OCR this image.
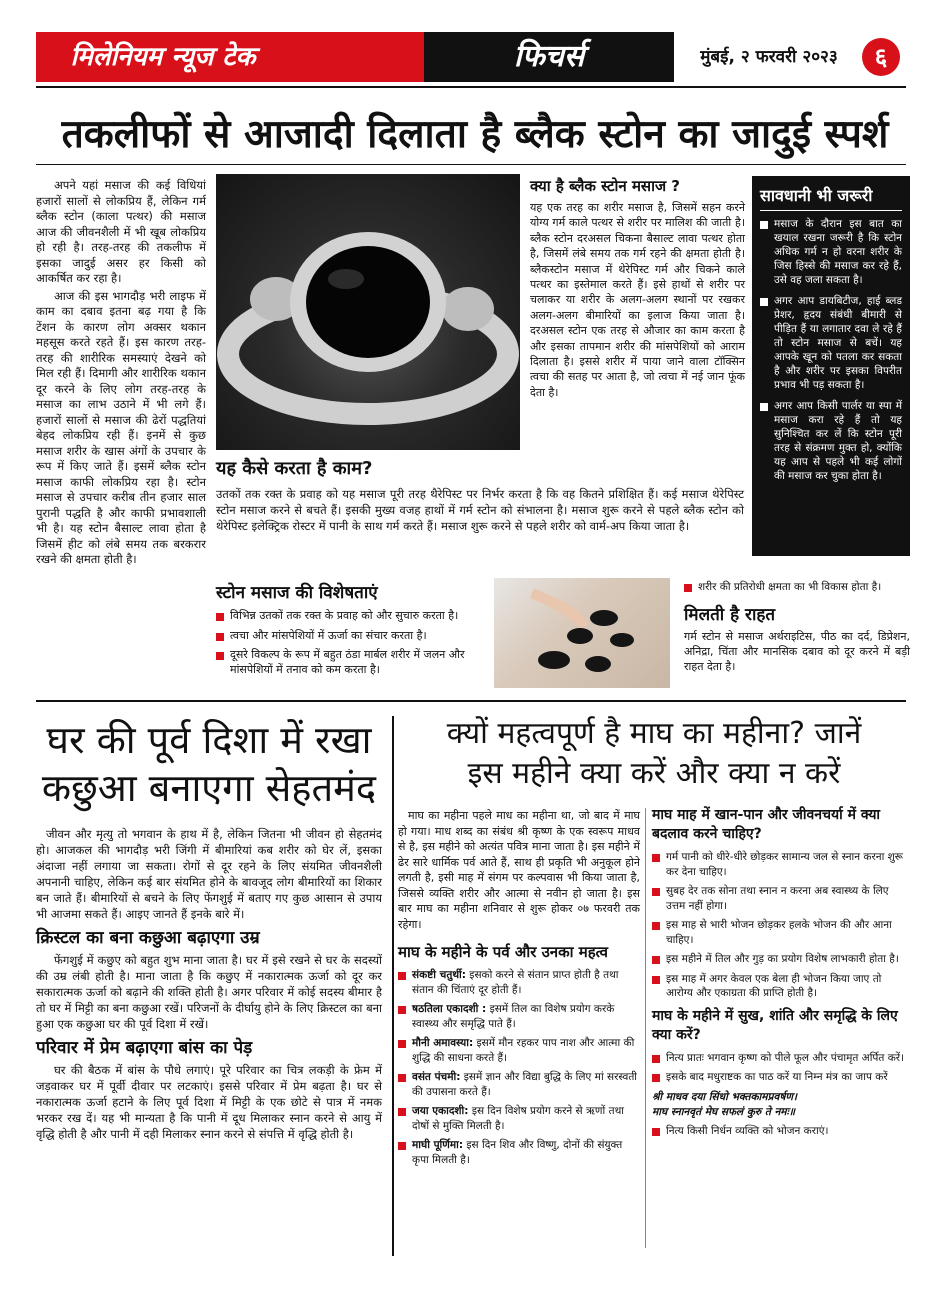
मिलेनियम न्यूज टेक	फिचर्स	मुंबई, २ फरवरी २०२३	६
तकलीफों से आजादी दिलाता है ब्लैक स्टोन का जादुई स्पर्श

अपने यहां मसाज की कई विधियां हजारों सालों से लोकप्रिय हैं, लेकिन गर्म ब्लैक स्टोन (काला पत्थर) की मसाज आज की जीवनशैली में भी खूब लोकप्रिय हो रही है। तरह-तरह की तकलीफ में इसका जादुई असर हर किसी को आकर्षित कर रहा है।

आज की इस भागदौड़ भरी लाइफ में काम का दबाव इतना बढ़ गया है कि टेंशन के कारण लोग अक्सर थकान महसूस करते रहते हैं। इस कारण तरह-तरह की शारीरिक समस्याएं देखने को मिल रही हैं। दिमागी और शारीरिक थकान दूर करने के लिए लोग तरह-तरह के मसाज का लाभ उठाने में भी लगे हैं। हजारों सालों से मसाज की ढेरों पद्धतियां बेहद लोकप्रिय रही हैं। इनमें से कुछ मसाज शरीर के खास अंगों के उपचार के रूप में किए जाते हैं। इसमें ब्लैक स्टोन मसाज काफी लोकप्रिय रहा है। स्टोन मसाज से उपचार करीब तीन हजार साल पुरानी पद्धति है और काफी प्रभावशाली भी है। यह स्टोन बैसाल्ट लावा होता है जिसमें हीट को लंबे समय तक बरकरार रखने की क्षमता होती है।

क्या है ब्लैक स्टोन मसाज ?
यह एक तरह का शरीर मसाज है, जिसमें सहन करने योग्य गर्म काले पत्थर से शरीर पर मालिश की जाती है। ब्लैक स्टोन दरअसल चिकना बैसाल्ट लावा पत्थर होता है, जिसमें लंबे समय तक गर्म रहने की क्षमता होती है। ब्लैकस्टोन मसाज में थेरेपिस्ट गर्म और चिकने काले पत्थर का इस्तेमाल करते हैं। इसे हाथों से शरीर पर चलाकर या शरीर के अलग-अलग स्थानों पर रखकर अलग-अलग बीमारियों का इलाज किया जाता है। दरअसल स्टोन एक तरह से औजार का काम करता है और इसका तापमान शरीर की मांसपेशियों को आराम दिलाता है। इससे शरीर में पाया जाने वाला टॉक्सिन त्वचा की सतह पर आता है, जो त्वचा में नई जान फूंक देता है।
सावधानी भी जरूरी
मसाज के दौरान इस बात का खयाल रखना जरूरी है कि स्टोन अधिक गर्म न हो वरना शरीर के जिस हिस्से की मसाज कर रहे हैं, उसे वह जला सकता है।
अगर आप डायबिटीज, हाई ब्लड प्रेशर, हृदय संबंधी बीमारी से पीड़ित हैं या लगातार दवा ले रहे हैं तो स्टोन मसाज से बचें। यह आपके खून को पतला कर सकता है और शरीर पर इसका विपरीत प्रभाव भी पड़ सकता है।
अगर आप किसी पार्लर या स्पा में मसाज करा रहे हैं तो यह सुनिश्चित कर लें कि स्टोन पूरी तरह से संक्रमण मुक्त हो, क्योंकि यह आप से पहले भी कई लोगों की मसाज कर चुका होता है।
यह कैसे करता है काम?
उतकों तक रक्त के प्रवाह को यह मसाज पूरी तरह थैरेपिस्ट पर निर्भर करता है कि वह कितने प्रशिक्षित हैं। कई मसाज थेरेपिस्ट स्टोन मसाज करने से बचते हैं। इसकी मुख्य वजह हाथों में गर्म स्टोन को संभालना है। मसाज शुरू करने से पहले ब्लैक स्टोन को थेरेपिस्ट इलेक्ट्रिक रोस्टर में पानी के साथ गर्म करते हैं। मसाज शुरू करने से पहले शरीर को वार्म-अप किया जाता है।
स्टोन मसाज की विशेषताएं
विभिन्न उतकों तक रक्त के प्रवाह को और सुचारु करता है।
त्वचा और मांसपेशियों में ऊर्जा का संचार करता है।
दूसरे विकल्प के रूप में बहुत ठंडा मार्बल शरीर में जलन और मांसपेशियों में तनाव को कम करता है।
शरीर की प्रतिरोधी क्षमता का भी विकास होता है।
मिलती है राहत
गर्म स्टोन से मसाज अर्थराइटिस, पीठ का दर्द, डिप्रेशन, अनिद्रा, चिंता और मानसिक दबाव को दूर करने में बड़ी राहत देता है।
घर की पूर्व दिशा में रखा
कछुआ बनाएगा सेहतमंद

जीवन और मृत्यु तो भगवान के हाथ में है, लेकिन जितना भी जीवन हो सेहतमंद हो। आजकल की भागदौड़ भरी जिंगी में बीमारियां कब शरीर को घेर लें, इसका अंदाजा नहीं लगाया जा सकता। रोगों से दूर रहने के लिए संयमित जीवनशैली अपनानी चाहिए, लेकिन कई बार संयमित होने के बावजूद लोग बीमारियों का शिकार बन जाते हैं। बीमारियों से बचने के लिए फेंगशुई में बताए गए कुछ आसान से उपाय भी आजमा सकते हैं। आइए जानते हैं इनके बारे में।

क्रिस्टल का बना कछुआ बढ़ाएगा उम्र

फेंगशुई में कछुए को बहुत शुभ माना जाता है। घर में इसे रखने से घर के सदस्यों की उम्र लंबी होती है। माना जाता है कि कछुए में नकारात्मक ऊर्जा को दूर कर सकारात्मक ऊर्जा को बढ़ाने की शक्ति होती है। अगर परिवार में कोई सदस्य बीमार है तो घर में मिट्टी का बना कछुआ रखें। परिजनों के दीर्घायु होने के लिए क्रिस्टल का बना हुआ एक कछुआ घर की पूर्व दिशा में रखें।

परिवार में प्रेम बढ़ाएगा बांस का पेड़

घर की बैठक में बांस के पौधे लगाएं। पूरे परिवार का चित्र लकड़ी के फ्रेम में जड़वाकर घर में पूर्वी दीवार पर लटकाएं। इससे परिवार में प्रेम बढ़ता है। घर से नकारात्मक ऊर्जा हटाने के लिए पूर्व दिशा में मिट्टी के एक छोटे से पात्र में नमक भरकर रख दें। यह भी मान्यता है कि पानी में दूध मिलाकर स्नान करने से आयु में वृद्धि होती है और पानी में दही मिलाकर स्नान करने से संपत्ति में वृद्धि होती है।

क्यों महत्वपूर्ण है माघ का महीना? जानें
इस महीने क्या करें और क्या न करें
माघ का महीना पहले माध का महीना था, जो बाद में माघ हो गया। माध शब्द का संबंध श्री कृष्ण के एक स्वरूप माधव से है, इस महीने को अत्यंत पवित्र माना जाता है। इस महीने में ढेर सारे धार्मिक पर्व आते हैं, साथ ही प्रकृति भी अनुकूल होने लगती है, इसी माह में संगम पर कल्पवास भी किया जाता है, जिससे व्यक्ति शरीर और आत्मा से नवीन हो जाता है। इस बार माघ का महीना शनिवार से शुरू होकर ०७ फरवरी तक रहेगा।
माघ के महीने के पर्व और उनका महत्व
संकष्टी चतुर्थी: इसको करने से संतान प्राप्त होती है तथा संतान की चिंताएं दूर होती हैं।
षठतिला एकादशी : इसमें तिल का विशेष प्रयोग करके स्वास्थ्य और समृद्धि पाते हैं।
मौनी अमावस्या: इसमें मौन रहकर पाप नाश और आत्मा की शुद्धि की साधना करते हैं।
वसंत पंचमी: इसमें ज्ञान और विद्या बुद्धि के लिए मां सरस्वती की उपासना करते हैं।
जया एकादशी: इस दिन विशेष प्रयोग करने से ऋणों तथा दोषों से मुक्ति मिलती है।
माघी पूर्णिमा: इस दिन शिव और विष्णु, दोनों की संयुक्त कृपा मिलती है।
माघ माह में खान-पान और जीवनचर्या में क्या बदलाव करने चाहिए?
गर्म पानी को धीरे-धीरे छोड़कर सामान्य जल से स्नान करना शुरू कर देना चाहिए।
सुबह देर तक सोना तथा स्नान न करना अब स्वास्थ्य के लिए उत्तम नहीं होगा।
इस माह से भारी भोजन छोड़कर हलके भोजन की और आना चाहिए।
इस महीने में तिल और गुड़ का प्रयोग विशेष लाभकारी होता है।
इस माह में अगर केवल एक बेला ही भोजन किया जाए तो आरोग्य और एकाग्रता की प्राप्ति होती है।
माघ के महीने में सुख, शांति और समृद्धि के लिए क्या करें?
नित्य प्रातः भगवान कृष्ण को पीले फूल और पंचामृत अर्पित करें।
इसके बाद मधुराष्टक का पाठ करें या निम्न मंत्र का जाप करें
श्री माधव दया सिंधो भक्तकामप्रवर्षण।
माघ स्नानवृतं मेघ सफलं कुरु ते नमः॥
नित्य किसी निर्धन व्यक्ति को भोजन कराएं।
